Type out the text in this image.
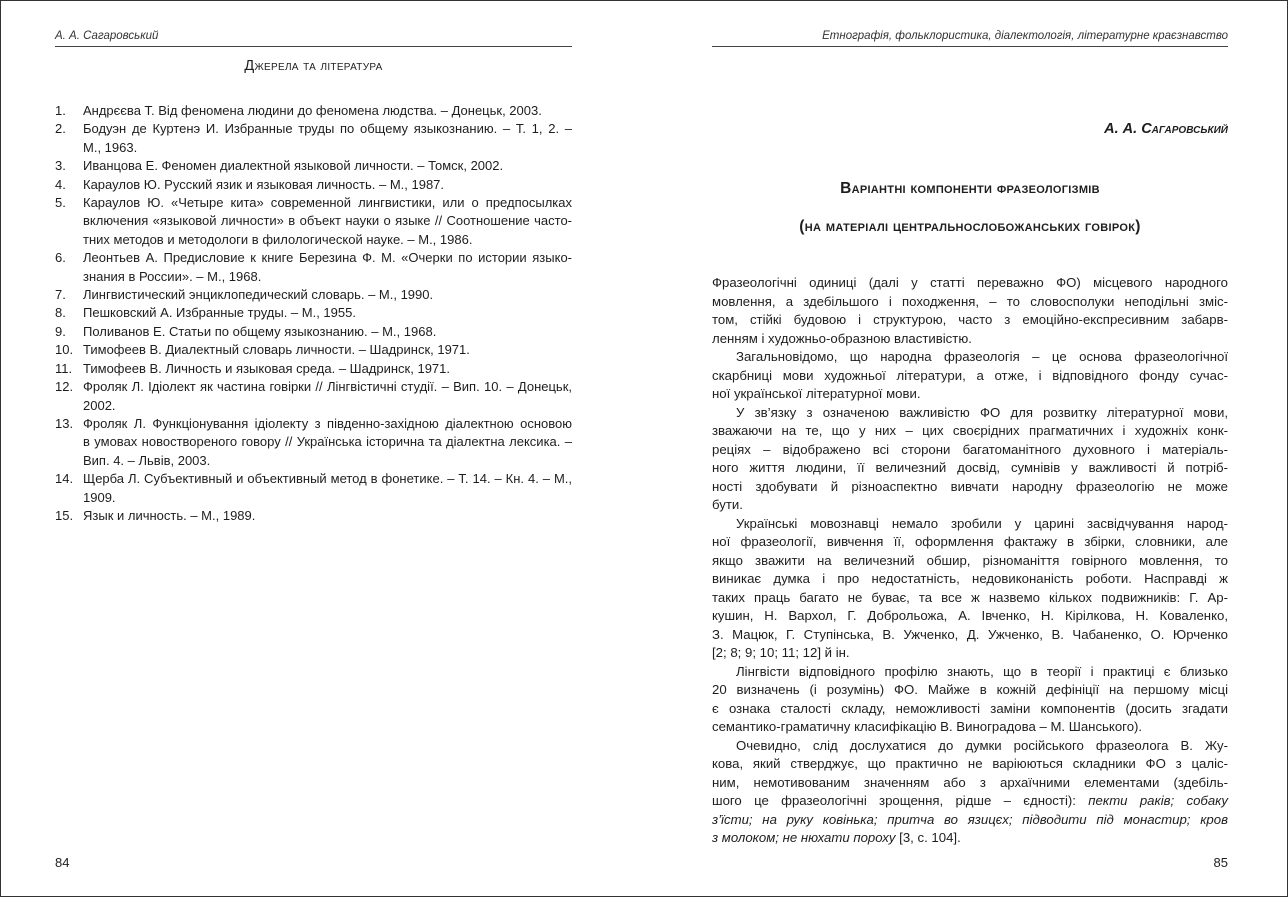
А. А. Сагаровський
Джерела та література
1.	Андрєєва Т. Від феномена людини до феномена людства. – Донецьк, 2003.
2.	Бодуэн де Куртенэ И. Избранные труды по общему языкознанию. – Т. 1, 2. –
М., 1963.
3.	Иванцова Е. Феномен диалектной языковой личности. – Томск, 2002.
4.	Караулов Ю. Русский язик и языковая личность. – М., 1987.
5.	Караулов Ю. «Четыре кита» современной лингвистики, или о предпосылках
включения «языковой личности» в объект науки о языке // Соотношение часто-
тних методов и методологи в филологической науке. – М., 1986.
6.	Леонтьев А. Предисловие к книге Березина Ф. М. «Очерки по истории языко-
знания в России». – М., 1968.
7.	Лингвистический энциклопедический словарь. – М., 1990.
8.	Пешковский А. Избранные труды. – М., 1955.
9.	Поливанов Е. Статьи по общему языкознанию. – М., 1968.
10. Тимофеев В. Диалектный словарь личности. – Шадринск, 1971.
11. Тимофеев В. Личность и языковая среда. – Шадринск, 1971.
12. Фроляк Л. Ідіолект як частина говірки // Лінгвістичні студії. – Вип. 10. – Донецьк,
2002.
13. Фроляк Л. Функціонування ідіолекту з південно-західною діалектною основою
в умовах новоствореного говору // Українська історична та діалектна лексика. –
Вип. 4. – Львів, 2003.
14. Щерба Л. Субъективный и объективный метод в фонетике. – Т. 14. – Кн. 4. – М.,
1909.
15. Язык и личность. – М., 1989.
84
Етнографія, фольклористика, діалектологія, літературне краєзнавство
А. А. Сагаровський
Варіантні компоненти фразеологізмів
(на матеріалі центральнослобожанських говірок)
Фразеологічні одиниці (далі у статті переважно ФО) місцевого народного
мовлення, а здебільшого і походження, – то словосполуки неподільні зміс-
том, стійкі будовою і структурою, часто з емоційно-експресивним забарв-
ленням і художньо-образною властивістю.
Загальновідомо, що народна фразеологія – це основа фразеологічної
скарбниці мови художньої літератури, а отже, і відповідного фонду сучас-
ної української літературної мови.
У зв’язку з означеною важливістю ФО для розвитку літературної мови,
зважаючи на те, що у них – цих своєрідних прагматичних і художніх конк-
реціях – відображено всі сторони багатоманітного духовного і матеріаль-
ного життя людини, її величезний досвід, сумнівів у важливості й потріб-
ності здобувати й різноаспектно вивчати народну фразеологію не може
бути.
Українські мовознавці немало зробили у царині засвідчування народ-
ної фразеології, вивчення її, оформлення фактажу в збірки, словники, але
якщо зважити на величезний обшир, різноманіття говірного мовлення, то
виникає думка і про недостатність, недовиконаність роботи. Насправді ж
таких праць багато не буває, та все ж назвемо кількох подвижників: Г. Ар-
кушин, Н. Вархол, Г. Доброльожа, А. Івченко, Н. Кірілкова, Н. Коваленко,
З. Мацюк, Г. Ступінська, В. Ужченко, Д. Ужченко, В. Чабаненко, О. Юрченко
[2; 8; 9; 10; 11; 12] й ін.
Лінгвісти відповідного профілю знають, що в теорії і практиці є близько
20 визначень (і розумінь) ФО. Майже в кожній дефініції на першому місці
є ознака сталості складу, неможливості заміни компонентів (досить згадати
семантико-граматичну класифікацію В. Виноградова – М. Шанського).
Очевидно, слід дослухатися до думки російського фразеолога В. Жу-
кова, який стверджує, що практично не варіюються складники ФО з цаліс-
ним, немотивованим значенням або з архаїчними елементами (здебіль-
шого це фразеологічні зрощення, рідше – єдності): пекти раків; собаку
з’їсти; на руку ковінька; притча во язицєх; підводити під монастир; кров
з молоком; не нюхати пороху [3, с. 104].
85
